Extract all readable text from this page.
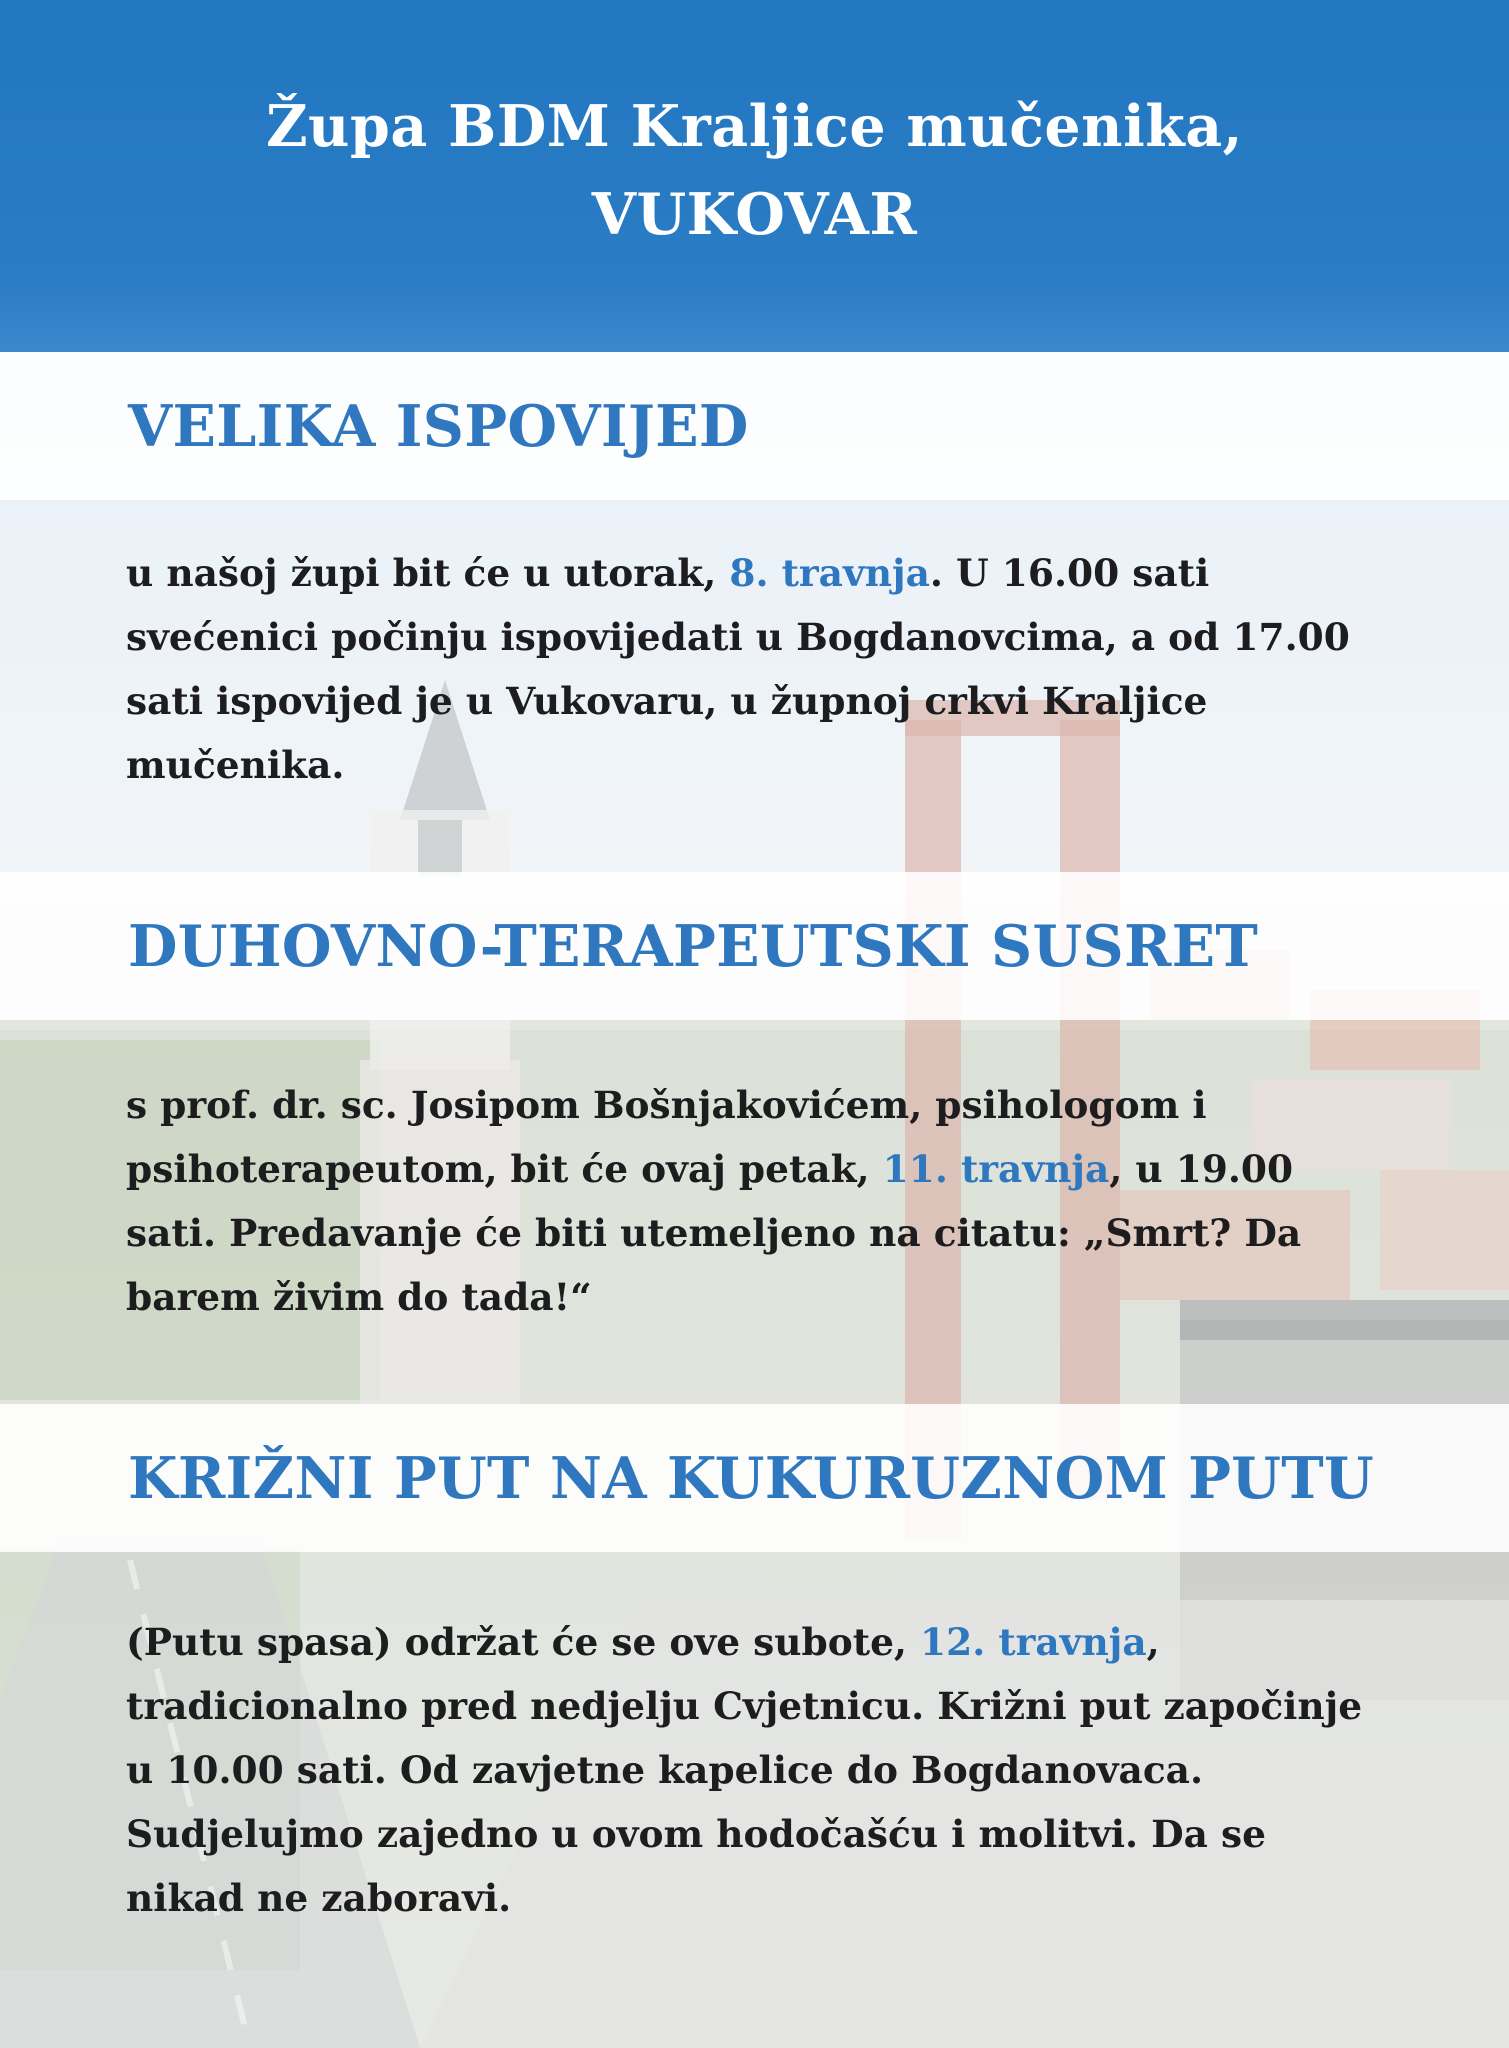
Župa BDM Kraljice mučenika,
VUKOVAR
VELIKA ISPOVIJED
u našoj župi bit će u utorak, 8. travnja. U 16.00 sati svećenici počinju ispovijedati u Bogdanovcima, a od 17.00 sati ispovijed je u Vukovaru, u župnoj crkvi Kraljice mučenika.
DUHOVNO-TERAPEUTSKI SUSRET
s prof. dr. sc. Josipom Bošnjakovićem, psihologom i psihoterapeutom, bit će ovaj petak, 11. travnja, u 19.00 sati. Predavanje će biti utemeljeno na citatu: „Smrt? Da barem živim do tada!“
KRIŽNI PUT NA KUKURUZNOM PUTU
(Putu spasa) održat će se ove subote, 12. travnja, tradicionalno pred nedjelju Cvjetnicu. Križni put započinje u 10.00 sati. Od zavjetne kapelice do Bogdanovaca. Sudjelujmo zajedno u ovom hodočašću i molitvi. Da se nikad ne zaboravi.
